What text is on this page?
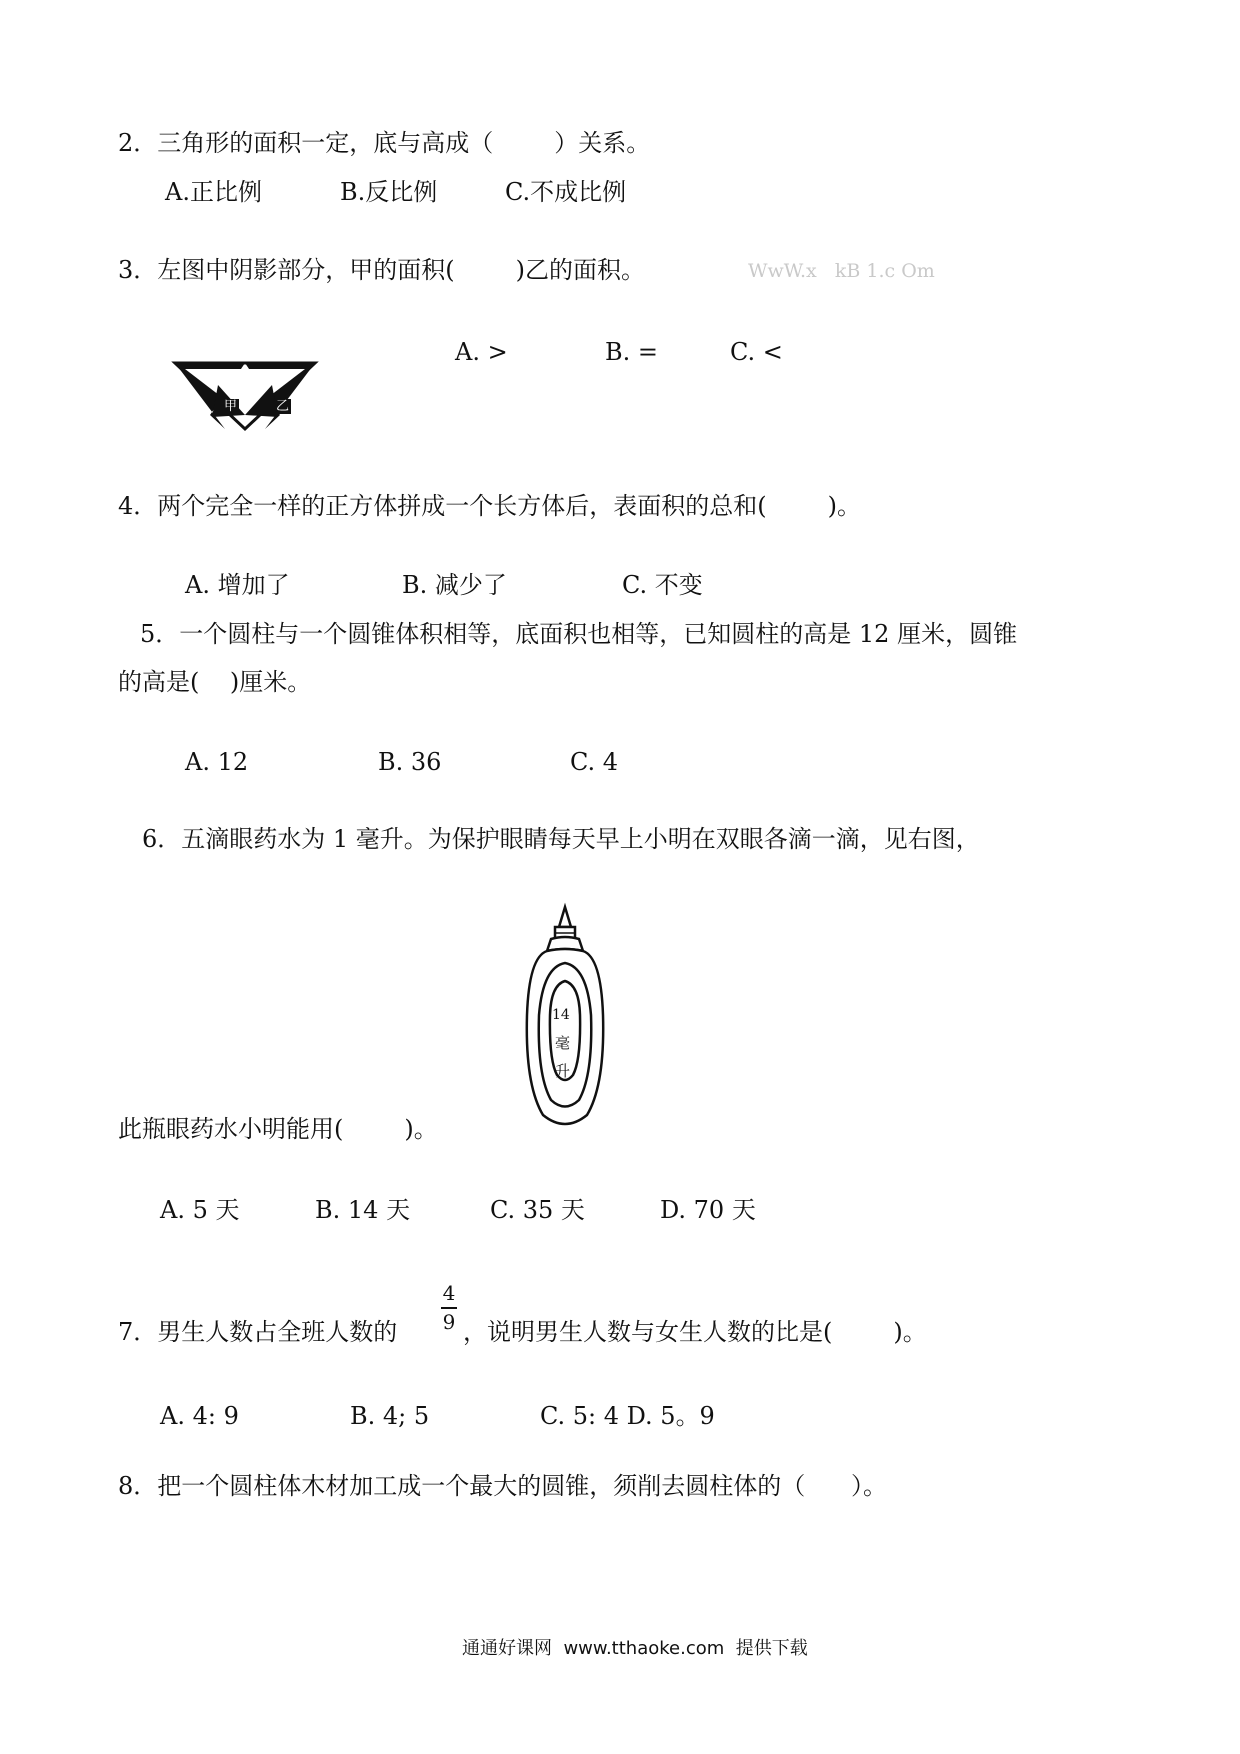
2．三角形的面积一定，底与高成（        ）关系。
A.正比例	B.反比例	C.不成比例
3．左图中阴影部分，甲的面积(        )乙的面积。	WwW.x   kB 1.c Om
甲	乙
A. >	B. =	C. <
4．两个完全一样的正方体拼成一个长方体后，表面积的总和(        )。
A. 增加了	B. 减少了	C. 不变
5．一个圆柱与一个圆锥体积相等，底面积也相等，已知圆柱的高是 12 厘米，圆锥
的高是(    )厘米。
A. 12	B. 36	C. 4
6．五滴眼药水为 1 毫升。为保护眼睛每天早上小明在双眼各滴一滴，见右图，
14
毫
升
此瓶眼药水小明能用(        )。
A. 5 天	B. 14 天	C. 35 天	D. 70 天
7．男生人数占全班人数的
4
9 ，说明男生人数与女生人数的比是(        )。
A. 4: 9	B. 4; 5	C. 5: 4 D. 5。9
8．把一个圆柱体木材加工成一个最大的圆锥，须削去圆柱体的（      ）。
通通好课网  www.tthaoke.com  提供下载
